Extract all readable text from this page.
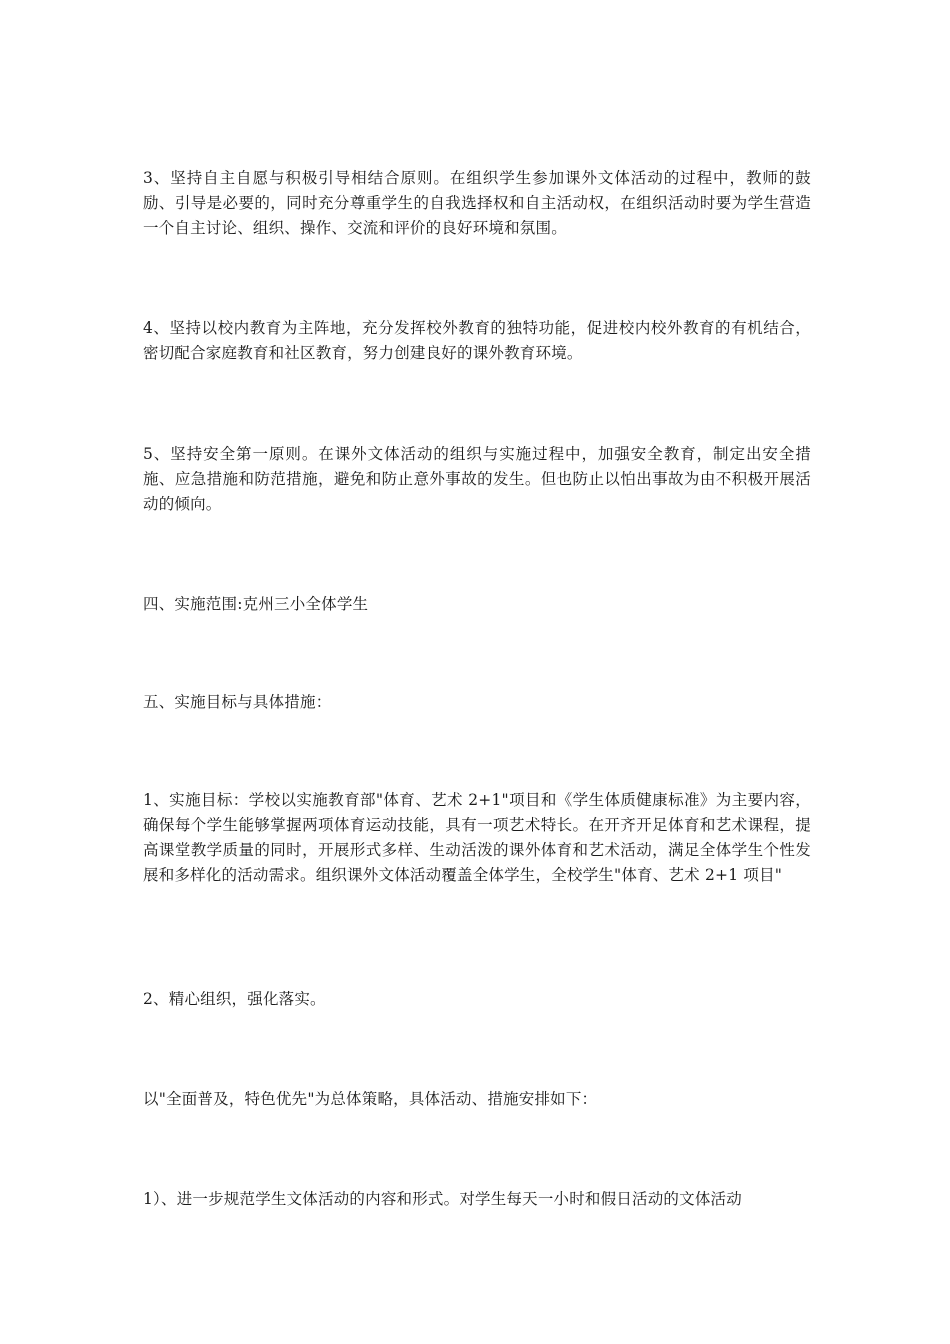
3、坚持自主自愿与积极引导相结合原则。在组织学生参加课外文体活动的过程中，教师的鼓励、引导是必要的，同时充分尊重学生的自我选择权和自主活动权，在组织活动时要为学生营造一个自主讨论、组织、操作、交流和评价的良好环境和氛围。

4、坚持以校内教育为主阵地，充分发挥校外教育的独特功能，促进校内校外教育的有机结合，密切配合家庭教育和社区教育，努力创建良好的课外教育环境。

5、坚持安全第一原则。在课外文体活动的组织与实施过程中，加强安全教育，制定出安全措施、应急措施和防范措施，避免和防止意外事故的发生。但也防止以怕出事故为由不积极开展活动的倾向。

四、实施范围:克州三小全体学生

五、实施目标与具体措施：

1、实施目标：学校以实施教育部"体育、艺术 2+1"项目和《学生体质健康标准》为主要内容，确保每个学生能够掌握两项体育运动技能，具有一项艺术特长。在开齐开足体育和艺术课程，提高课堂教学质量的同时，开展形式多样、生动活泼的课外体育和艺术活动，满足全体学生个性发展和多样化的活动需求。组织课外文体活动覆盖全体学生，全校学生"体育、艺术 2+1 项目"

2、精心组织，强化落实。

以"全面普及，特色优先"为总体策略，具体活动、措施安排如下：

1）、进一步规范学生文体活动的内容和形式。对学生每天一小时和假日活动的文体活动
